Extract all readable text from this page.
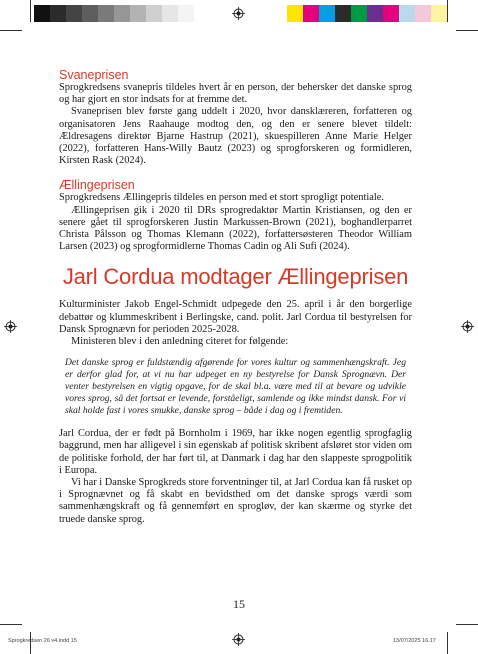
Svaneprisen

Sprogkredsens svanepris tildeles hvert år en person, der behersker det danske sprog og har gjort en stor indsats for at fremme det.

Svaneprisen blev første gang uddelt i 2020, hvor dansklæreren, forfatteren og organisatoren Jens Raahauge modtog den, og den er senere blevet tildelt: Ældresagens direktør Bjarne Hastrup (2021), skuespilleren Anne Marie Helger (2022), forfatteren Hans-Willy Bautz (2023) og sprogforskeren og formidleren, Kirsten Rask (2024).

Ællingeprisen

Sprogkredsens Ællingepris tildeles en person med et stort sprogligt potentiale.

Ællingeprisen gik i 2020 til DRs sprogredaktør Martin Kristiansen, og den er senere gået til sprogforskeren Justin Markussen-Brown (2021), boghandlerparret Christa Pålsson og Thomas Klemann (2022), forfattersøsteren Theodor William Larsen (2023) og sprogformidlerne Thomas Cadin og Ali Sufi (2024).

Jarl Cordua modtager Ællingeprisen

Kulturminister Jakob Engel-Schmidt udpegede den 25. april i år den borgerlige debattør og klummeskribent i Berlingske, cand. polit. Jarl Cordua til bestyrelsen for Dansk Sprognævn for perioden 2025-2028.

Ministeren blev i den anledning citeret for følgende:

Det danske sprog er fuldstændig afgørende for vores kultur og sammenhængskraft. Jeg er derfor glad for, at vi nu har udpeget en ny bestyrelse for Dansk Sprognævn. Der venter bestyrelsen en vigtig opgave, for de skal bl.a. være med til at bevare og udvikle vores sprog, så det fortsat er levende, forståeligt, samlende og ikke mindst dansk. For vi skal holde fast i vores smukke, danske sprog – både i dag og i fremtiden.

Jarl Cordua, der er født på Bornholm i 1969, har ikke nogen egentlig sprogfaglig baggrund, men har alligevel i sin egenskab af politisk skribent afsløret stor viden om de politiske forhold, der har ført til, at Danmark i dag har den slappeste sprogpolitik i Europa.

Vi har i Danske Sprogkreds store forventninger til, at Jarl Cordua kan få rusket op i Sprognævnet og få skabt en bevidsthed om det danske sprogs værdi som sammenhængskraft og få gennemført en sprogløv, der kan skærme og styrke det truede danske sprog.

15
Sprogkredsen 26 v4.indd 15	13/07/2025 16.17
